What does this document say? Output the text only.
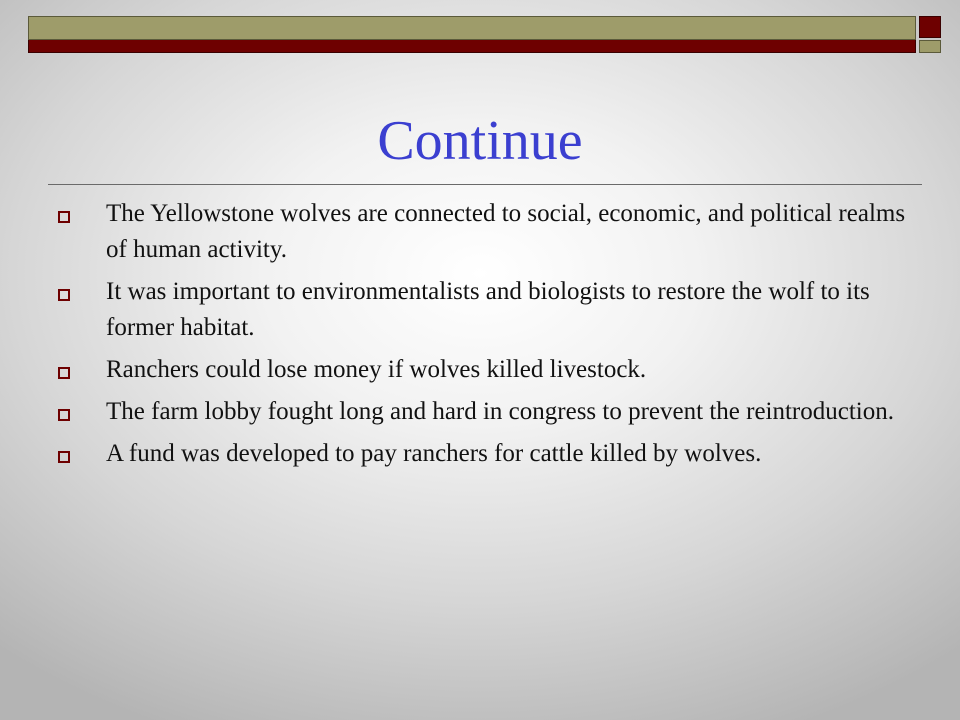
Continue
The Yellowstone wolves are connected to social, economic, and political realms of human activity.
It was important to environmentalists and biologists to restore the wolf to its former habitat.
Ranchers could lose money if wolves killed livestock.
The farm lobby fought long and hard in congress to prevent the reintroduction.
A fund was developed to pay ranchers for cattle killed by wolves.
